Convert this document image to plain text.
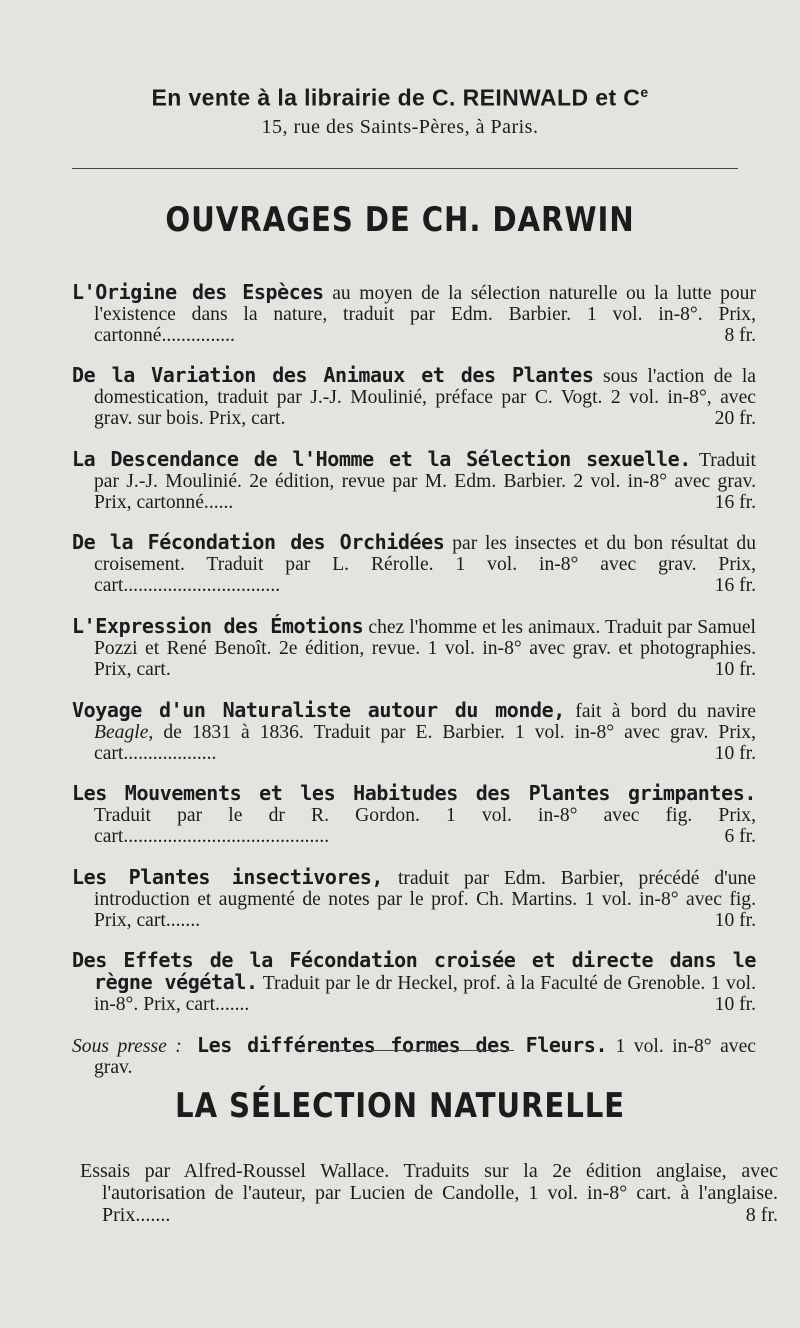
En vente à la librairie de C. REINWALD et Ce
15, rue des Saints-Pères, à Paris.
OUVRAGES DE CH. DARWIN

L'Origine des Espèces au moyen de la sélection naturelle ou la lutte pour l'existence dans la nature, traduit par Edm. Barbier. 1 vol. in-8°. Prix, cartonné...............	8 fr.

De la Variation des Animaux et des Plantes sous l'action de la domestication, traduit par J.-J. Moulinié, préface par C. Vogt. 2 vol. in-8°, avec grav. sur bois. Prix, cart.	20 fr.

La Descendance de l'Homme et la Sélection sexuelle. Traduit par J.-J. Moulinié. 2e édition, revue par M. Edm. Barbier. 2 vol. in-8° avec grav. Prix, cartonné......	16 fr.

De la Fécondation des Orchidées par les insectes et du bon résultat du croisement. Traduit par L. Rérolle. 1 vol. in-8° avec grav. Prix, cart................................	16 fr.

L'Expression des Émotions chez l'homme et les animaux. Traduit par Samuel Pozzi et René Benoît. 2e édition, revue. 1 vol. in-8° avec grav. et photographies. Prix, cart.	10 fr.

Voyage d'un Naturaliste autour du monde, fait à bord du navire Beagle, de 1831 à 1836. Traduit par E. Barbier. 1 vol. in-8° avec grav. Prix, cart...................	10 fr.

Les Mouvements et les Habitudes des Plantes grimpantes. Traduit par le dr R. Gordon. 1 vol. in-8° avec fig. Prix, cart..........................................	6 fr.

Les Plantes insectivores, traduit par Edm. Barbier, précédé d'une introduction et augmenté de notes par le prof. Ch. Martins. 1 vol. in-8° avec fig. Prix, cart.......	10 fr.

Des Effets de la Fécondation croisée et directe dans le règne végétal. Traduit par le dr Heckel, prof. à la Faculté de Grenoble. 1 vol. in-8°. Prix, cart.......	10 fr.

Sous presse : Les différentes formes des Fleurs. 1 vol. in-8° avec grav.

LA SÉLECTION NATURELLE

Essais par Alfred-Roussel Wallace. Traduits sur la 2e édition anglaise, avec l'autorisation de l'auteur, par Lucien de Candolle, 1 vol. in-8° cart. à l'anglaise. Prix.......	8 fr.
